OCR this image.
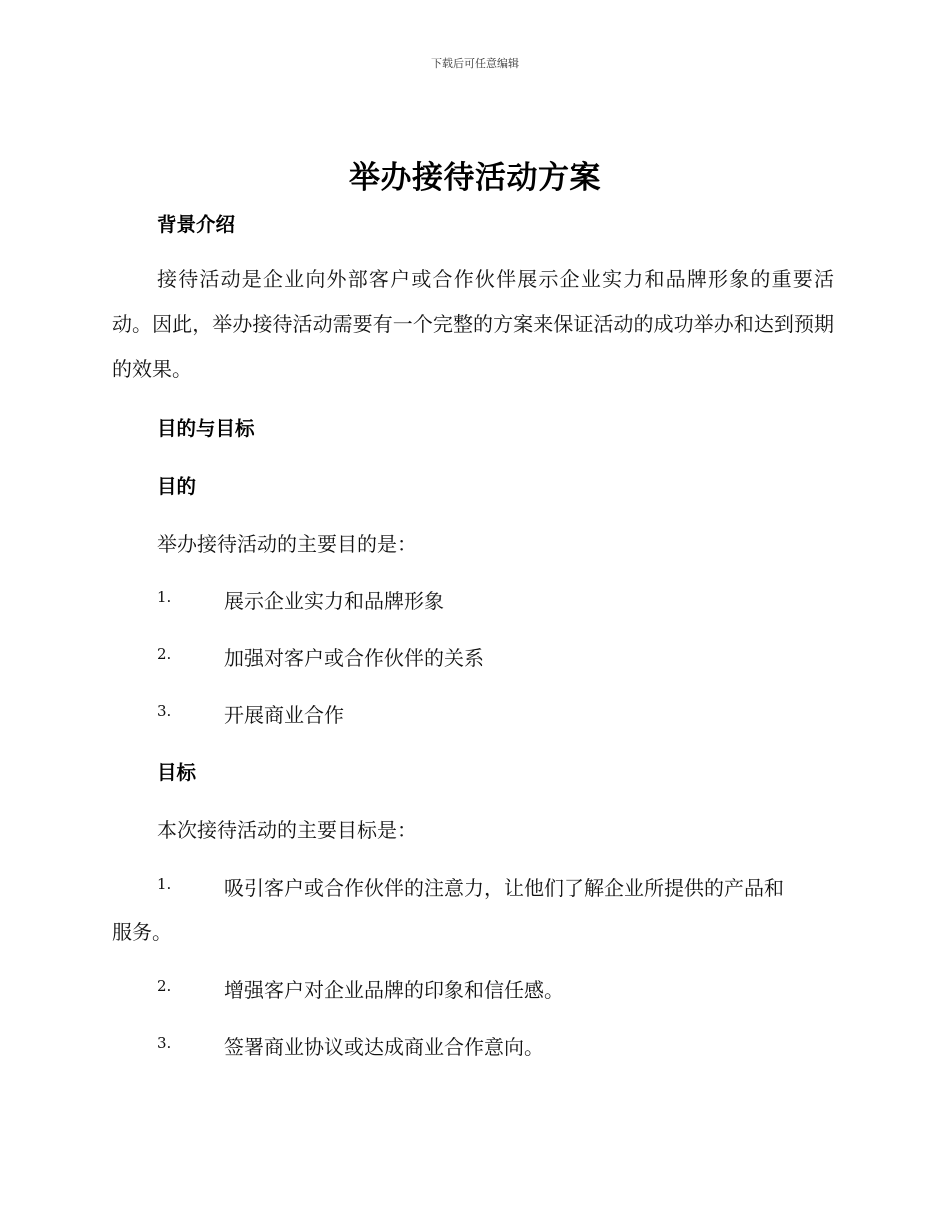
下载后可任意编辑
举办接待活动方案
背景介绍
接待活动是企业向外部客户或合作伙伴展示企业实力和品牌形象的重要活动。因此，举办接待活动需要有一个完整的方案来保证活动的成功举办和达到预期的效果。
目的与目标
目的
举办接待活动的主要目的是：
1.	展示企业实力和品牌形象
2.	加强对客户或合作伙伴的关系
3.	开展商业合作
目标
本次接待活动的主要目标是：
1.	吸引客户或合作伙伴的注意力，让他们了解企业所提供的产品和
服务。
2.	增强客户对企业品牌的印象和信任感。
3.	签署商业协议或达成商业合作意向。
